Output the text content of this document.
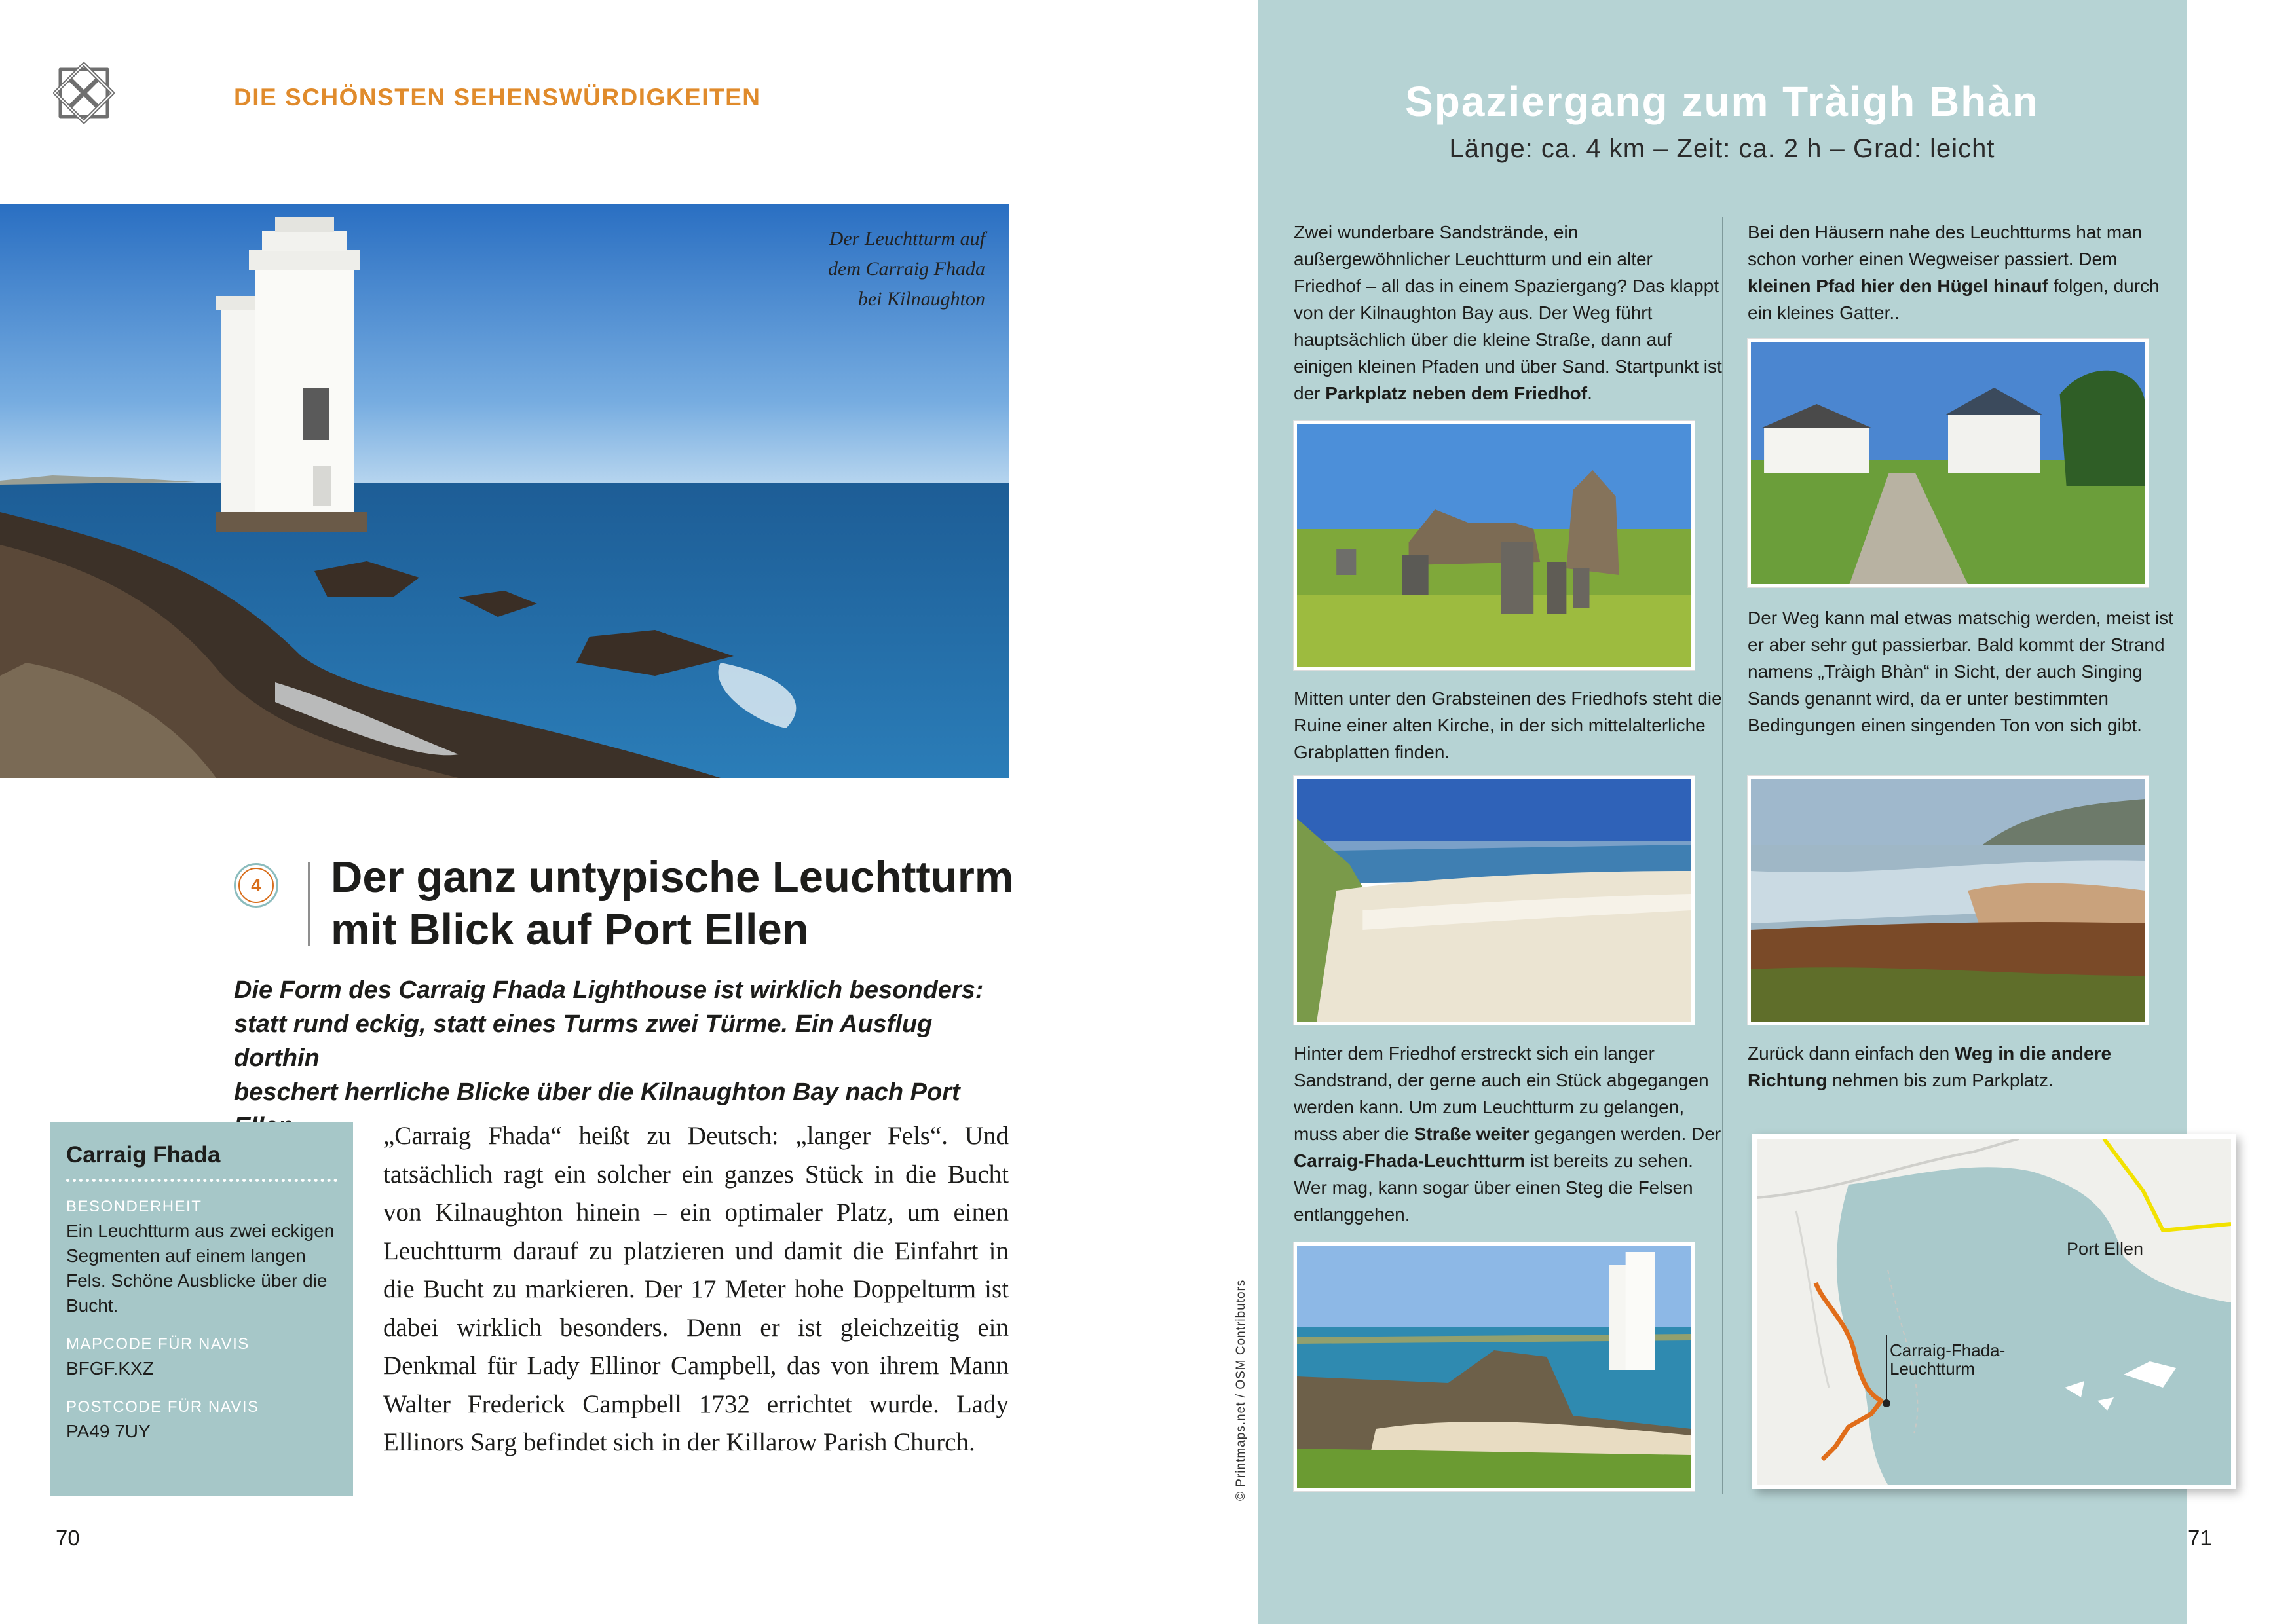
DIE SCHÖNSTEN SEHENSWÜRDIGKEITEN
Der Leuchtturm auf
dem Carraig Fhada
bei Kilnaughton
4 Der ganz untypische Leuchtturm
mit Blick auf Port Ellen
Die Form des Carraig Fhada Lighthouse ist wirklich besonders:
statt rund eckig, statt eines Turms zwei Türme. Ein Ausflug dorthin
beschert herrliche Blicke über die Kilnaughton Bay nach Port
Carraig Fhada
BESONDERHEIT
Ein Leuchtturm aus zwei eckigen Segmenten auf einem langen Fels. Schöne Ausblicke über die Bucht.
MAPCODE FÜR NAVIS
BFGF.KXZ
POSTCODE FÜR NAVIS
PA49 7UY

„Carraig Fhada“ heißt zu Deutsch: „langer Fels“. Und tatsächlich ragt ein solcher ein ganzes Stück in die Bucht von Kilnaughton hinein – ein optimaler Platz, um einen Leuchtturm darauf zu platzieren und damit die Einfahrt in die Bucht zu markieren. Der 17 Meter hohe Doppelturm ist dabei wirklich besonders. Denn er ist gleichzeitig ein Denkmal für Lady Ellinor Campbell, das von ihrem Mann Walter Frederick Campbell 1732 errichtet wurde. Lady Ellinors Sarg befindet sich in der Killarow Parish Church.

70
Spaziergang zum Tràigh Bhàn
Länge: ca. 4 km – Zeit: ca. 2 h – Grad: leicht
© Printmaps.net / OSM Contributors
Zwei wunderbare Sandstrände, ein außergewöhnlicher Leuchtturm und ein alter Friedhof – all das in einem Spaziergang? Das klappt von der Kilnaughton Bay aus. Der Weg führt hauptsächlich über die kleine Straße, dann auf einigen kleinen Pfaden und über Sand. Startpunkt ist der Parkplatz neben dem Friedhof.
Mitten unter den Grabsteinen des Friedhofs steht die Ruine einer alten Kirche, in der sich mittelalterliche Grabplatten finden.
Hinter dem Friedhof erstreckt sich ein langer Sandstrand, der gerne auch ein Stück abgegangen werden kann. Um zum Leuchtturm zu gelangen, muss aber die Straße weiter gegangen werden. Der Carraig-Fhada-Leuchtturm ist bereits zu sehen. Wer mag, kann sogar über einen Steg die Felsen entlanggehen.
Bei den Häusern nahe des Leuchtturms hat man schon vorher einen Wegweiser passiert. Dem kleinen Pfad hier den Hügel hinauf folgen, durch ein kleines Gatter..
Der Weg kann mal etwas matschig werden, meist ist er aber sehr gut passierbar. Bald kommt der Strand namens „Tràigh Bhàn“ in Sicht, der auch Singing Sands genannt wird, da er unter bestimmten Bedingungen einen singenden Ton von sich gibt.
Zurück dann einfach den Weg in die andere Richtung nehmen bis zum Parkplatz.
Port Ellen
Carraig-Fhada-
Leuchtturm
71
